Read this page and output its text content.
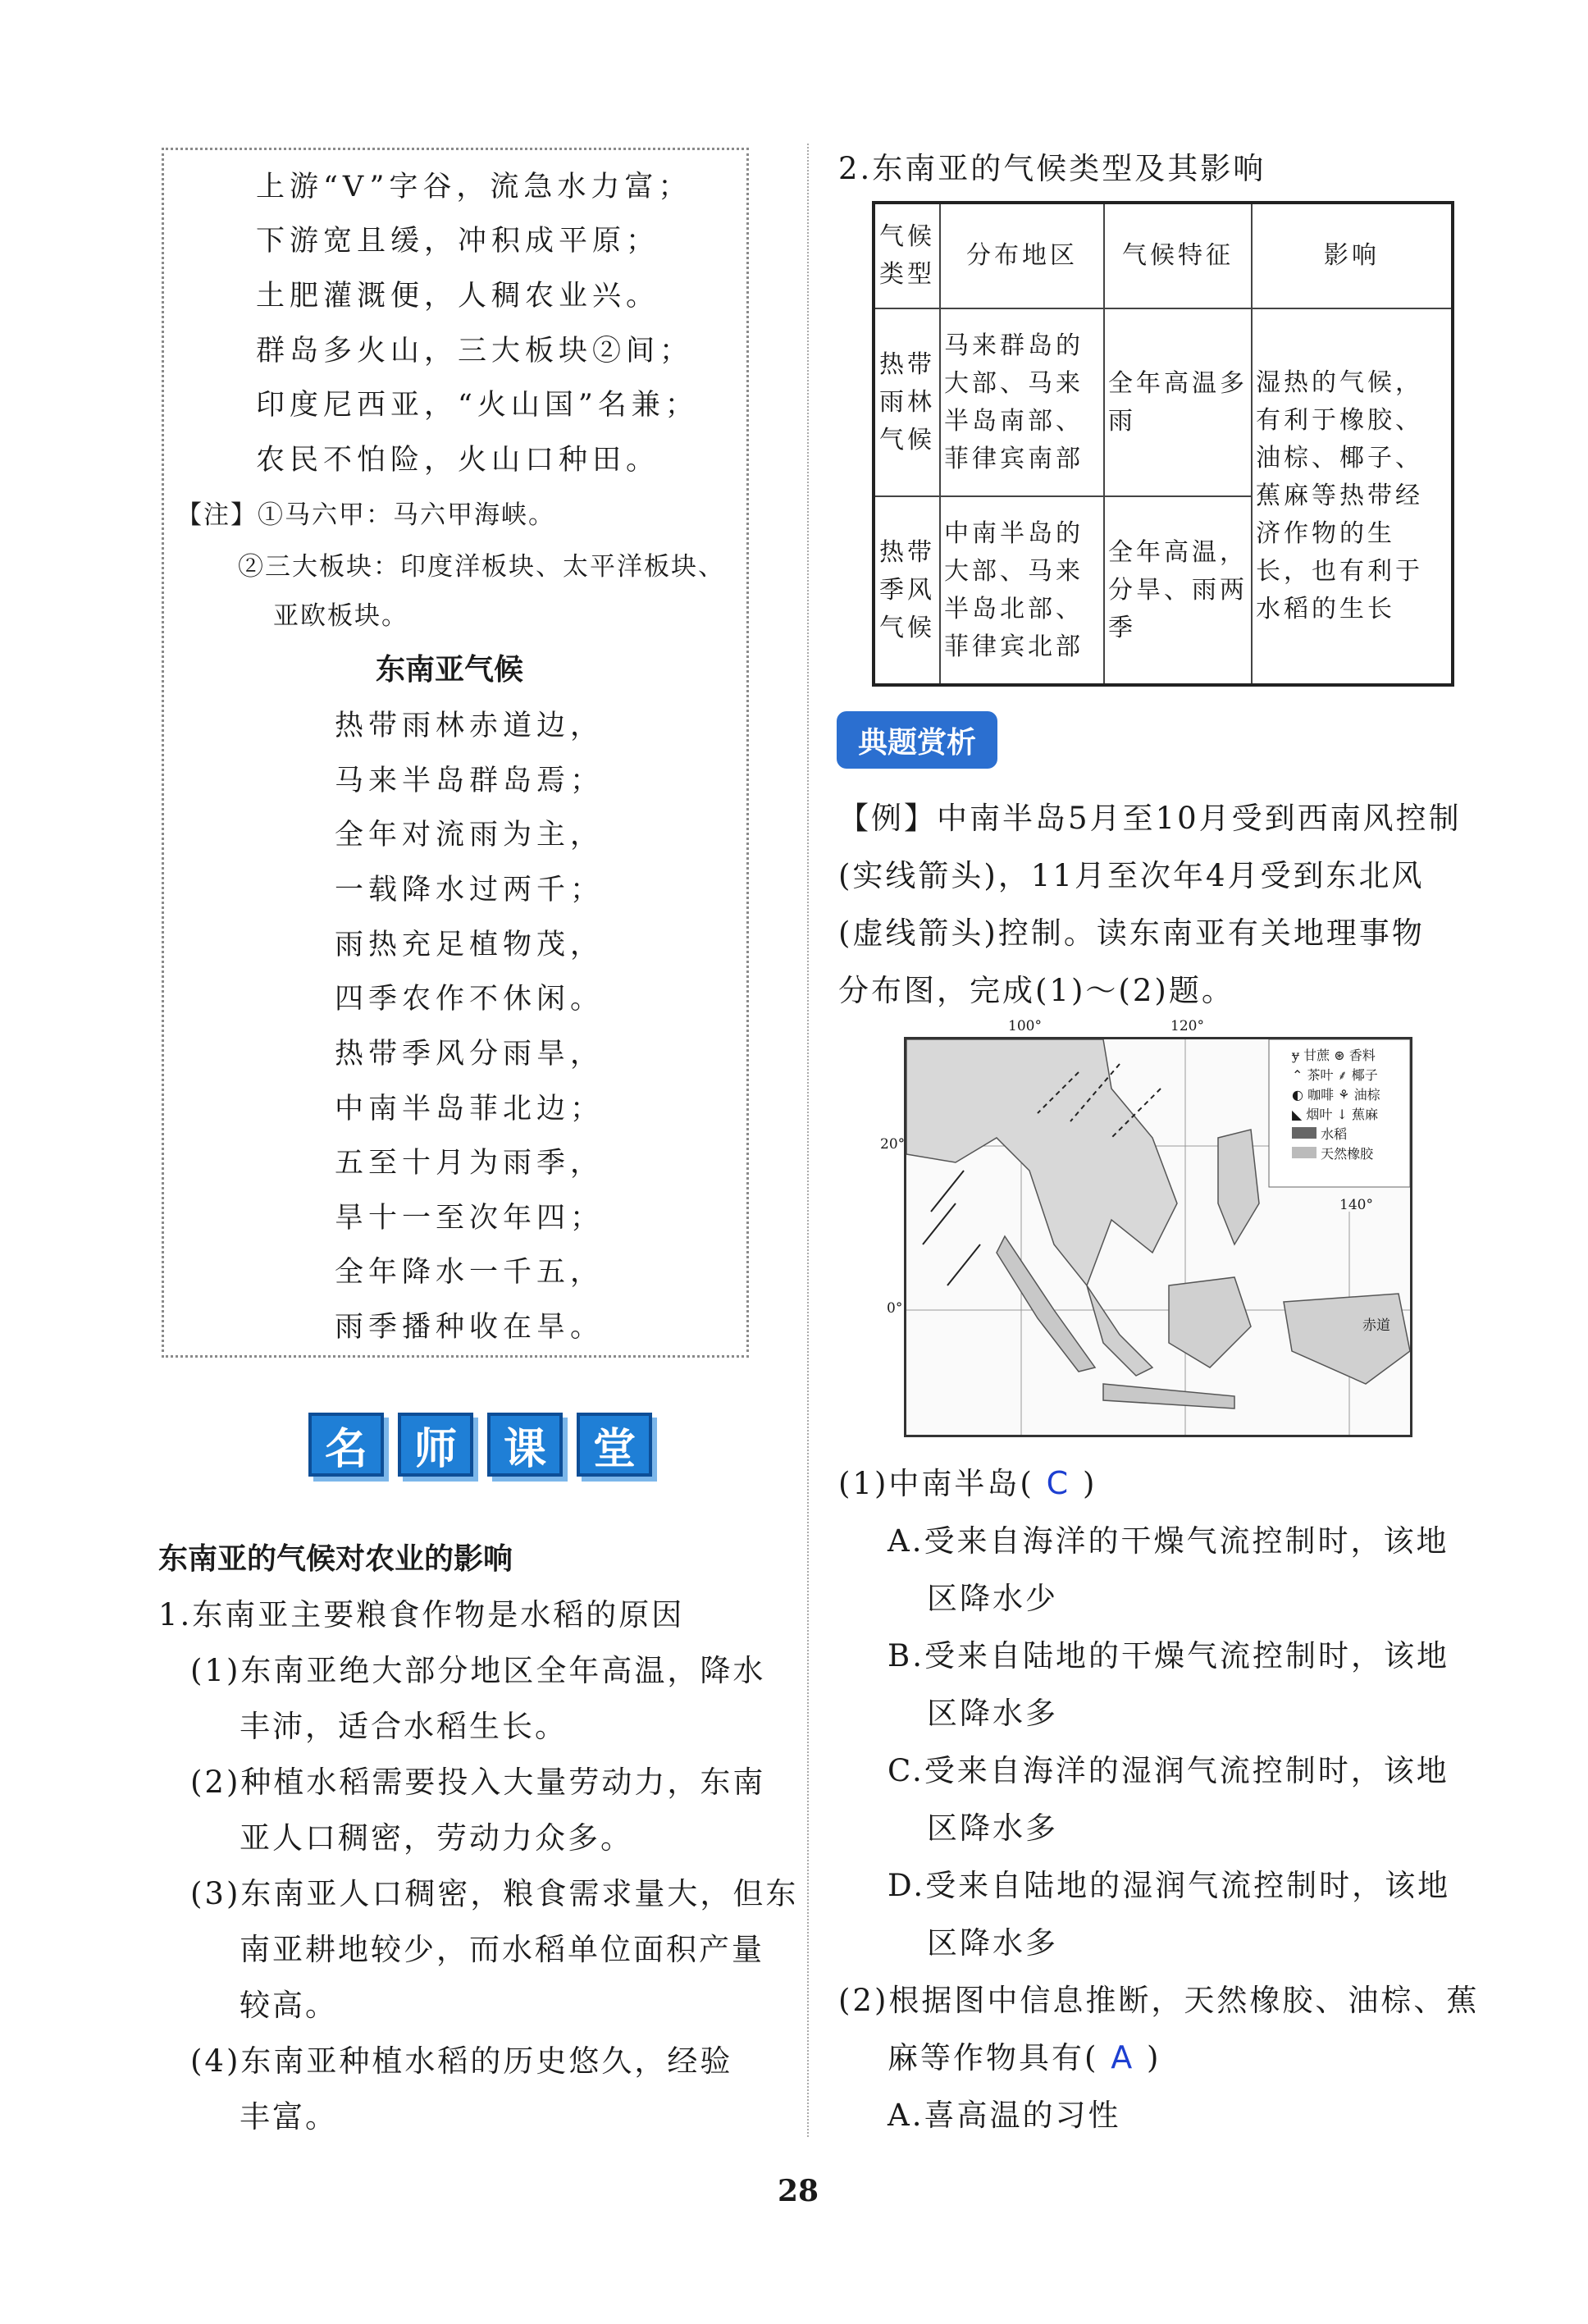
上游“V”字谷，流急水力富；
下游宽且缓，冲积成平原；
土肥灌溉便，人稠农业兴。
群岛多火山，三大板块②间；
印度尼西亚，“火山国”名兼；
农民不怕险，火山口种田。
【注】①马六甲：马六甲海峡。
②三大板块：印度洋板块、太平洋板块、
亚欧板块。
东南亚气候
热带雨林赤道边，
马来半岛群岛焉；
全年对流雨为主，
一载降水过两千；
雨热充足植物茂，
四季农作不休闲。
热带季风分雨旱，
中南半岛菲北边；
五至十月为雨季，
旱十一至次年四；
全年降水一千五，
雨季播种收在旱。
名	师	课	堂
东南亚的气候对农业的影响
1.东南亚主要粮食作物是水稻的原因
(1)东南亚绝大部分地区全年高温，降水
丰沛，适合水稻生长。
(2)种植水稻需要投入大量劳动力，东南
亚人口稠密，劳动力众多。
(3)东南亚人口稠密，粮食需求量大，但东
南亚耕地较少，而水稻单位面积产量
较高。
(4)东南亚种植水稻的历史悠久，经验
丰富。
2.东南亚的气候类型及其影响
气候类型	分布地区	气候特征	影响
热带雨林气候	马来群岛的大部、马来半岛南部、菲律宾南部	全年高温多雨	湿热的气候，有利于橡胶、油棕、椰子、蕉麻等热带经济作物的生长，也有利于水稻的生长
热带季风气候	中南半岛的大部、马来半岛北部、菲律宾北部	全年高温，分旱、雨两季	
典题赏析
【例】中南半岛5月至10月受到西南风控制
(实线箭头)，11月至次年4月受到东北风
(虚线箭头)控制。读东南亚有关地理事物
分布图，完成(1)～(2)题。
100°	120°
140°
20°
0°
赤道
ɏ 甘蔗 ⊛ 香料
⌃ 茶叶 ⸙ 椰子
◐ 咖啡 ⚘ 油棕
◣ 烟叶 ↓ 蕉麻
水稻
天然橡胶
(1)中南半岛( C )
A.受来自海洋的干燥气流控制时，该地
区降水少
B.受来自陆地的干燥气流控制时，该地
区降水多
C.受来自海洋的湿润气流控制时，该地
区降水多
D.受来自陆地的湿润气流控制时，该地
区降水多
(2)根据图中信息推断，天然橡胶、油棕、蕉
麻等作物具有( A )
A.喜高温的习性
28
